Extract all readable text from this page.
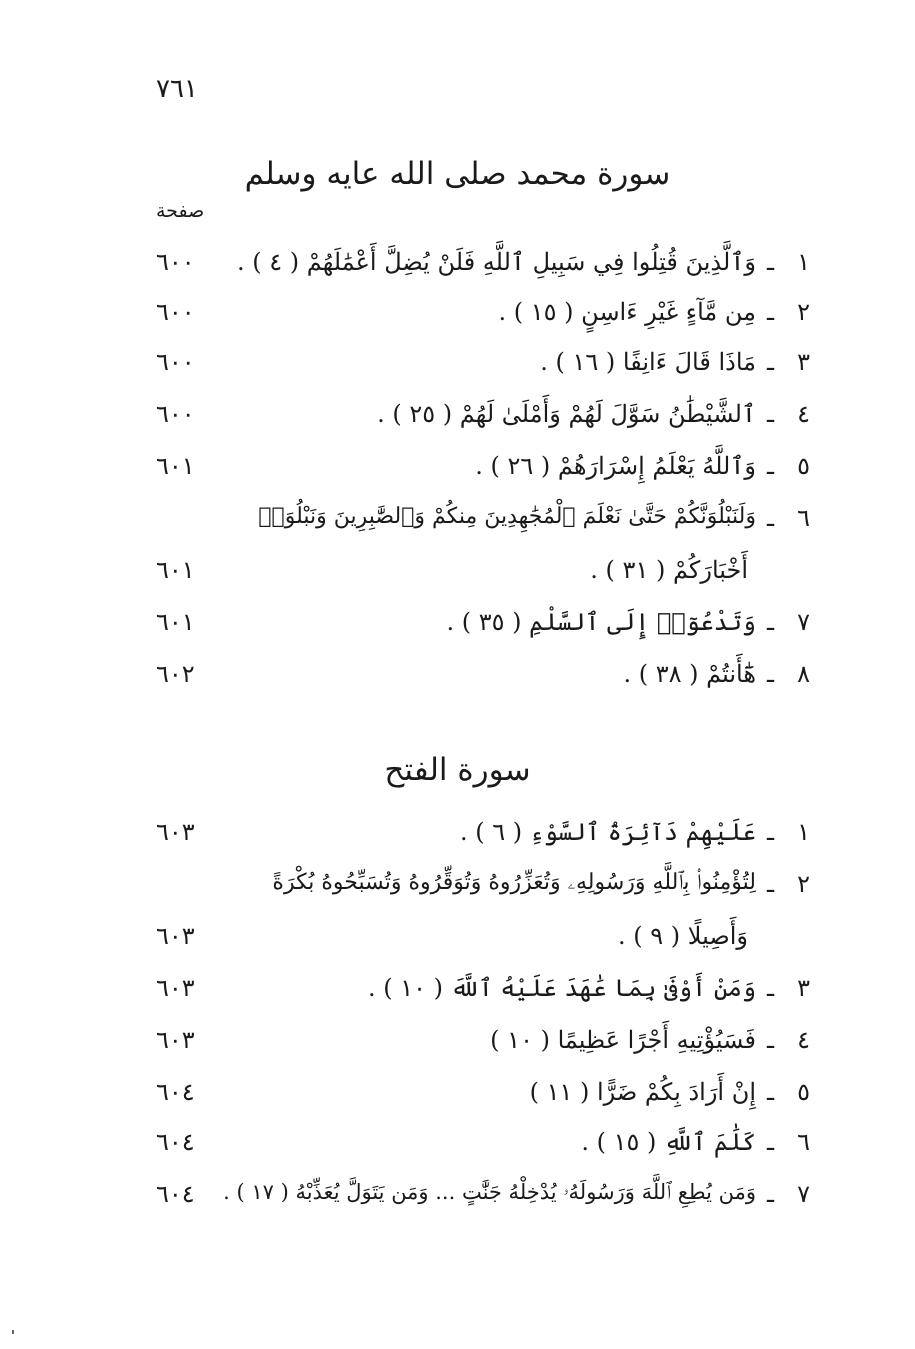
٧٦١
سورة محمد صلى الله عايه وسلم
صفحة
١
ـ
وَٱلَّذِينَ قُتِلُوا فِي سَبِيلِ ٱللَّهِ فَلَنْ يُضِلَّ أَعْمَٰلَهُمْ ( ٤ ) .
٦٠٠
٢
ـ
مِن مَّآءٍ غَيْرِ ءَاسِنٍ ( ١٥ ) .
٦٠٠
٣
ـ
مَاذَا قَالَ ءَانِفًا ( ١٦ ) .
٦٠٠
٤
ـ
ٱلشَّيْطَٰنُ سَوَّلَ لَهُمْ وَأَمْلَىٰ لَهُمْ ( ٢٥ ) .
٦٠٠
٥
ـ
وَٱللَّهُ يَعْلَمُ إِسْرَارَهُمْ ( ٢٦ ) .
٦٠١
٦
ـ
وَلَنَبْلُوَنَّكُمْ حَتَّىٰ نَعْلَمَ ٱلْمُجَٰهِدِينَ مِنكُمْ وَٱلصَّٰبِرِينَ وَنَبْلُوَا۟
أَخْبَارَكُمْ ( ٣١ ) .
٦٠١
٧
ـ
وَتَدْعُوٓا۟ إِلَى ٱلسَّلْمِ ( ٣٥ ) .
٦٠١
٨
ـ
هَٰٓأَنتُمْ ( ٣٨ ) .
٦٠٢
سورة الفتح
١
ـ
عَلَيْهِمْ دَآئِرَةُ ٱلسَّوْءِ ( ٦ ) .
٦٠٣
٢
ـ
لِتُؤْمِنُوا۟ بِٱللَّهِ وَرَسُولِهِۦ وَتُعَزِّرُوهُ وَتُوَقِّرُوهُ وَتُسَبِّحُوهُ بُكْرَةً
وَأَصِيلًا ( ٩ ) .
٦٠٣
٣
ـ
وَمَنْ أَوْفَىٰ بِمَا عَٰهَدَ عَلَيْهُ ٱللَّهَ ( ١٠ ) .
٦٠٣
٤
ـ
فَسَيُؤْتِيهِ أَجْرًا عَظِيمًا ( ١٠ )
٦٠٣
٥
ـ
إِنْ أَرَادَ بِكُمْ ضَرًّا ( ١١ )
٦٠٤
٦
ـ
كَلَٰمَ ٱللَّهِ ( ١٥ ) .
٦٠٤
٧
ـ
وَمَن يُطِعِ ٱللَّهَ وَرَسُولَهُۥ يُدْخِلْهُ جَنَّٰتٍ ... وَمَن يَتَوَلَّ يُعَذِّبْهُ ( ١٧ ) .
٦٠٤
